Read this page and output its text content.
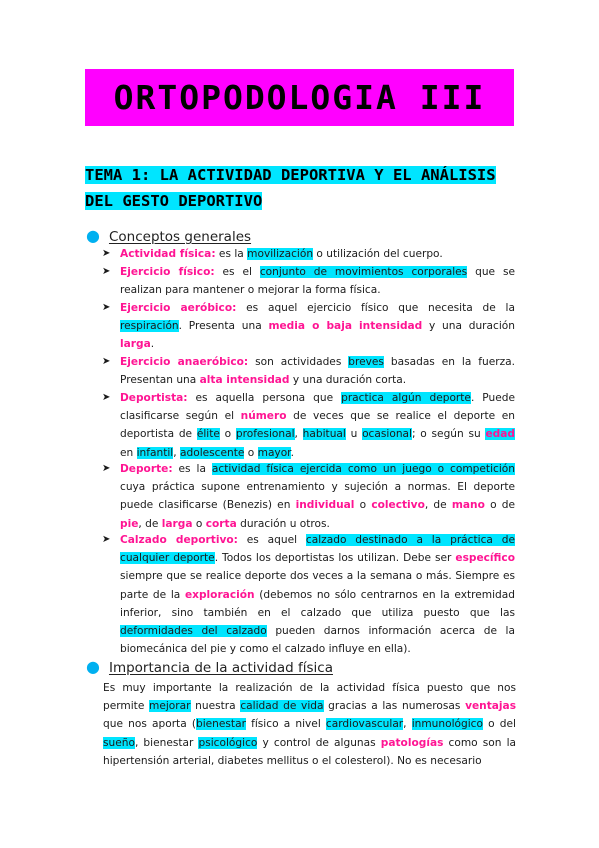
ORTOPODOLOGIA III
TEMA 1: LA ACTIVIDAD DEPORTIVA Y EL ANÁLISIS DEL GESTO DEPORTIVO
● Conceptos generales
➤ Actividad física: es la movilización o utilización del cuerpo.
➤ Ejercicio físico: es el conjunto de movimientos corporales que se realizan para mantener o mejorar la forma física.
➤ Ejercicio aeróbico: es aquel ejercicio físico que necesita de la respiración. Presenta una media o baja intensidad y una duración larga.
➤ Ejercicio anaeróbico: son actividades breves basadas en la fuerza. Presentan una alta intensidad y una duración corta.
➤ Deportista: es aquella persona que practica algún deporte. Puede clasificarse según el número de veces que se realice el deporte en deportista de élite o profesional, habitual u ocasional; o según su edad en infantil, adolescente o mayor.
➤ Deporte: es la actividad física ejercida como un juego o competición cuya práctica supone entrenamiento y sujeción a normas. El deporte puede clasificarse (Benezis) en individual o colectivo, de mano o de pie, de larga o corta duración u otros.
➤ Calzado deportivo: es aquel calzado destinado a la práctica de cualquier deporte. Todos los deportistas los utilizan. Debe ser específico siempre que se realice deporte dos veces a la semana o más. Siempre es parte de la exploración (debemos no sólo centrarnos en la extremidad inferior, sino también en el calzado que utiliza puesto que las deformidades del calzado pueden darnos información acerca de la biomecánica del pie y como el calzado influye en ella).
● Importancia de la actividad física
Es muy importante la realización de la actividad física puesto que nos permite mejorar nuestra calidad de vida gracias a las numerosas ventajas que nos aporta (bienestar físico a nivel cardiovascular, inmunológico o del sueño, bienestar psicológico y control de algunas patologías como son la hipertensión arterial, diabetes mellitus o el colesterol). No es necesario
